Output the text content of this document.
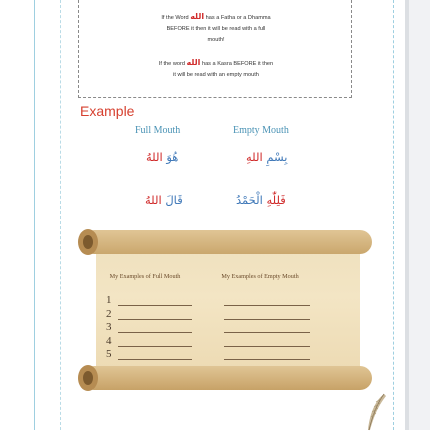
If the Word الله has a Fatha or a Dhamma
BEFORE it then it will be read with a full
mouth!
If the word الله has a Kasra BEFORE it then
it will be read with an empty mouth
Example
Full Mouth	Empty Mouth
هُوَ اللهُ	بِسْمِ اللهِ
قَالَ اللهُ	فَلِلّٰهِ الْحَمْدُ
My Examples of Full Mouth	My Examples of Empty Mouth
1
2
3
4
5
